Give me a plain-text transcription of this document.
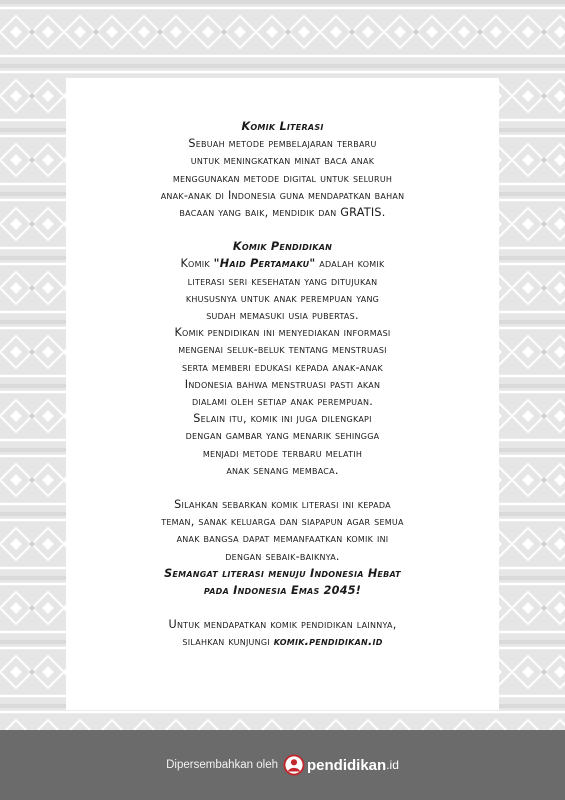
Komik Literasi

Sebuah metode pembelajaran terbaru

untuk meningkatkan minat baca anak

menggunakan metode digital untuk seluruh

anak-anak di Indonesia guna mendapatkan bahan

bacaan yang baik, mendidik dan GRATIS.

Komik Pendidikan

Komik "Haid Pertamaku" adalah komik

literasi seri kesehatan yang ditujukan

khususnya untuk anak perempuan yang

sudah memasuki usia pubertas.

Komik pendidikan ini menyediakan informasi

mengenai seluk-beluk tentang menstruasi

serta memberi edukasi kepada anak-anak

Indonesia bahwa menstruasi pasti akan

dialami oleh setiap anak perempuan.

Selain itu, komik ini juga dilengkapi

dengan gambar yang menarik sehingga

menjadi metode terbaru melatih

anak senang membaca.

Silahkan sebarkan komik literasi ini kepada

teman, sanak keluarga dan siapapun agar semua

anak bangsa dapat memanfaatkan komik ini

dengan sebaik-baiknya.

Semangat literasi menuju Indonesia Hebat

pada Indonesia Emas 2045!

Untuk mendapatkan komik pendidikan lainnya,

silahkan kunjungi komik.pendidikan.id

Dipersembahkan oleh pendidikan .id
